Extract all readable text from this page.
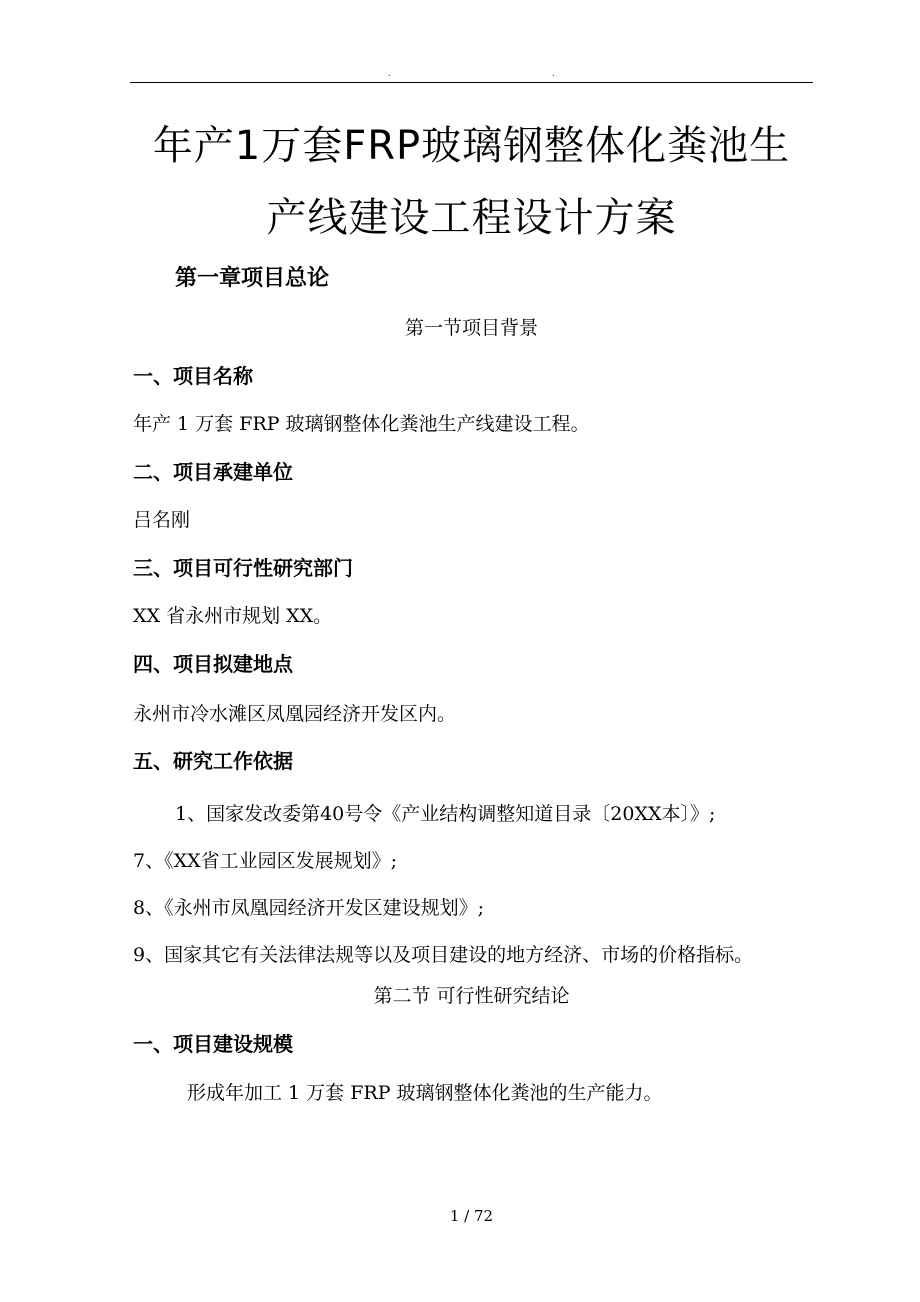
.	.
年产1万套FRP玻璃钢整体化粪池生
产线建设工程设计方案
第一章项目总论
第一节项目背景
一、项目名称
年产 1 万套 FRP 玻璃钢整体化粪池生产线建设工程。
二、项目承建单位
吕名刚
三、项目可行性研究部门
XX 省永州市规划 XX。
四、项目拟建地点
永州市冷水滩区凤凰园经济开发区内。
五、研究工作依据
1、国家发改委第40号令《产业结构调整知道目录〔20XX本〕》;
7、《XX省工业园区发展规划》;
8、《永州市凤凰园经济开发区建设规划》;
9、国家其它有关法律法规等以及项目建设的地方经济、市场的价格指标。
第二节 可行性研究结论
一、项目建设规模
形成年加工 1 万套 FRP 玻璃钢整体化粪池的生产能力。
1 / 72
